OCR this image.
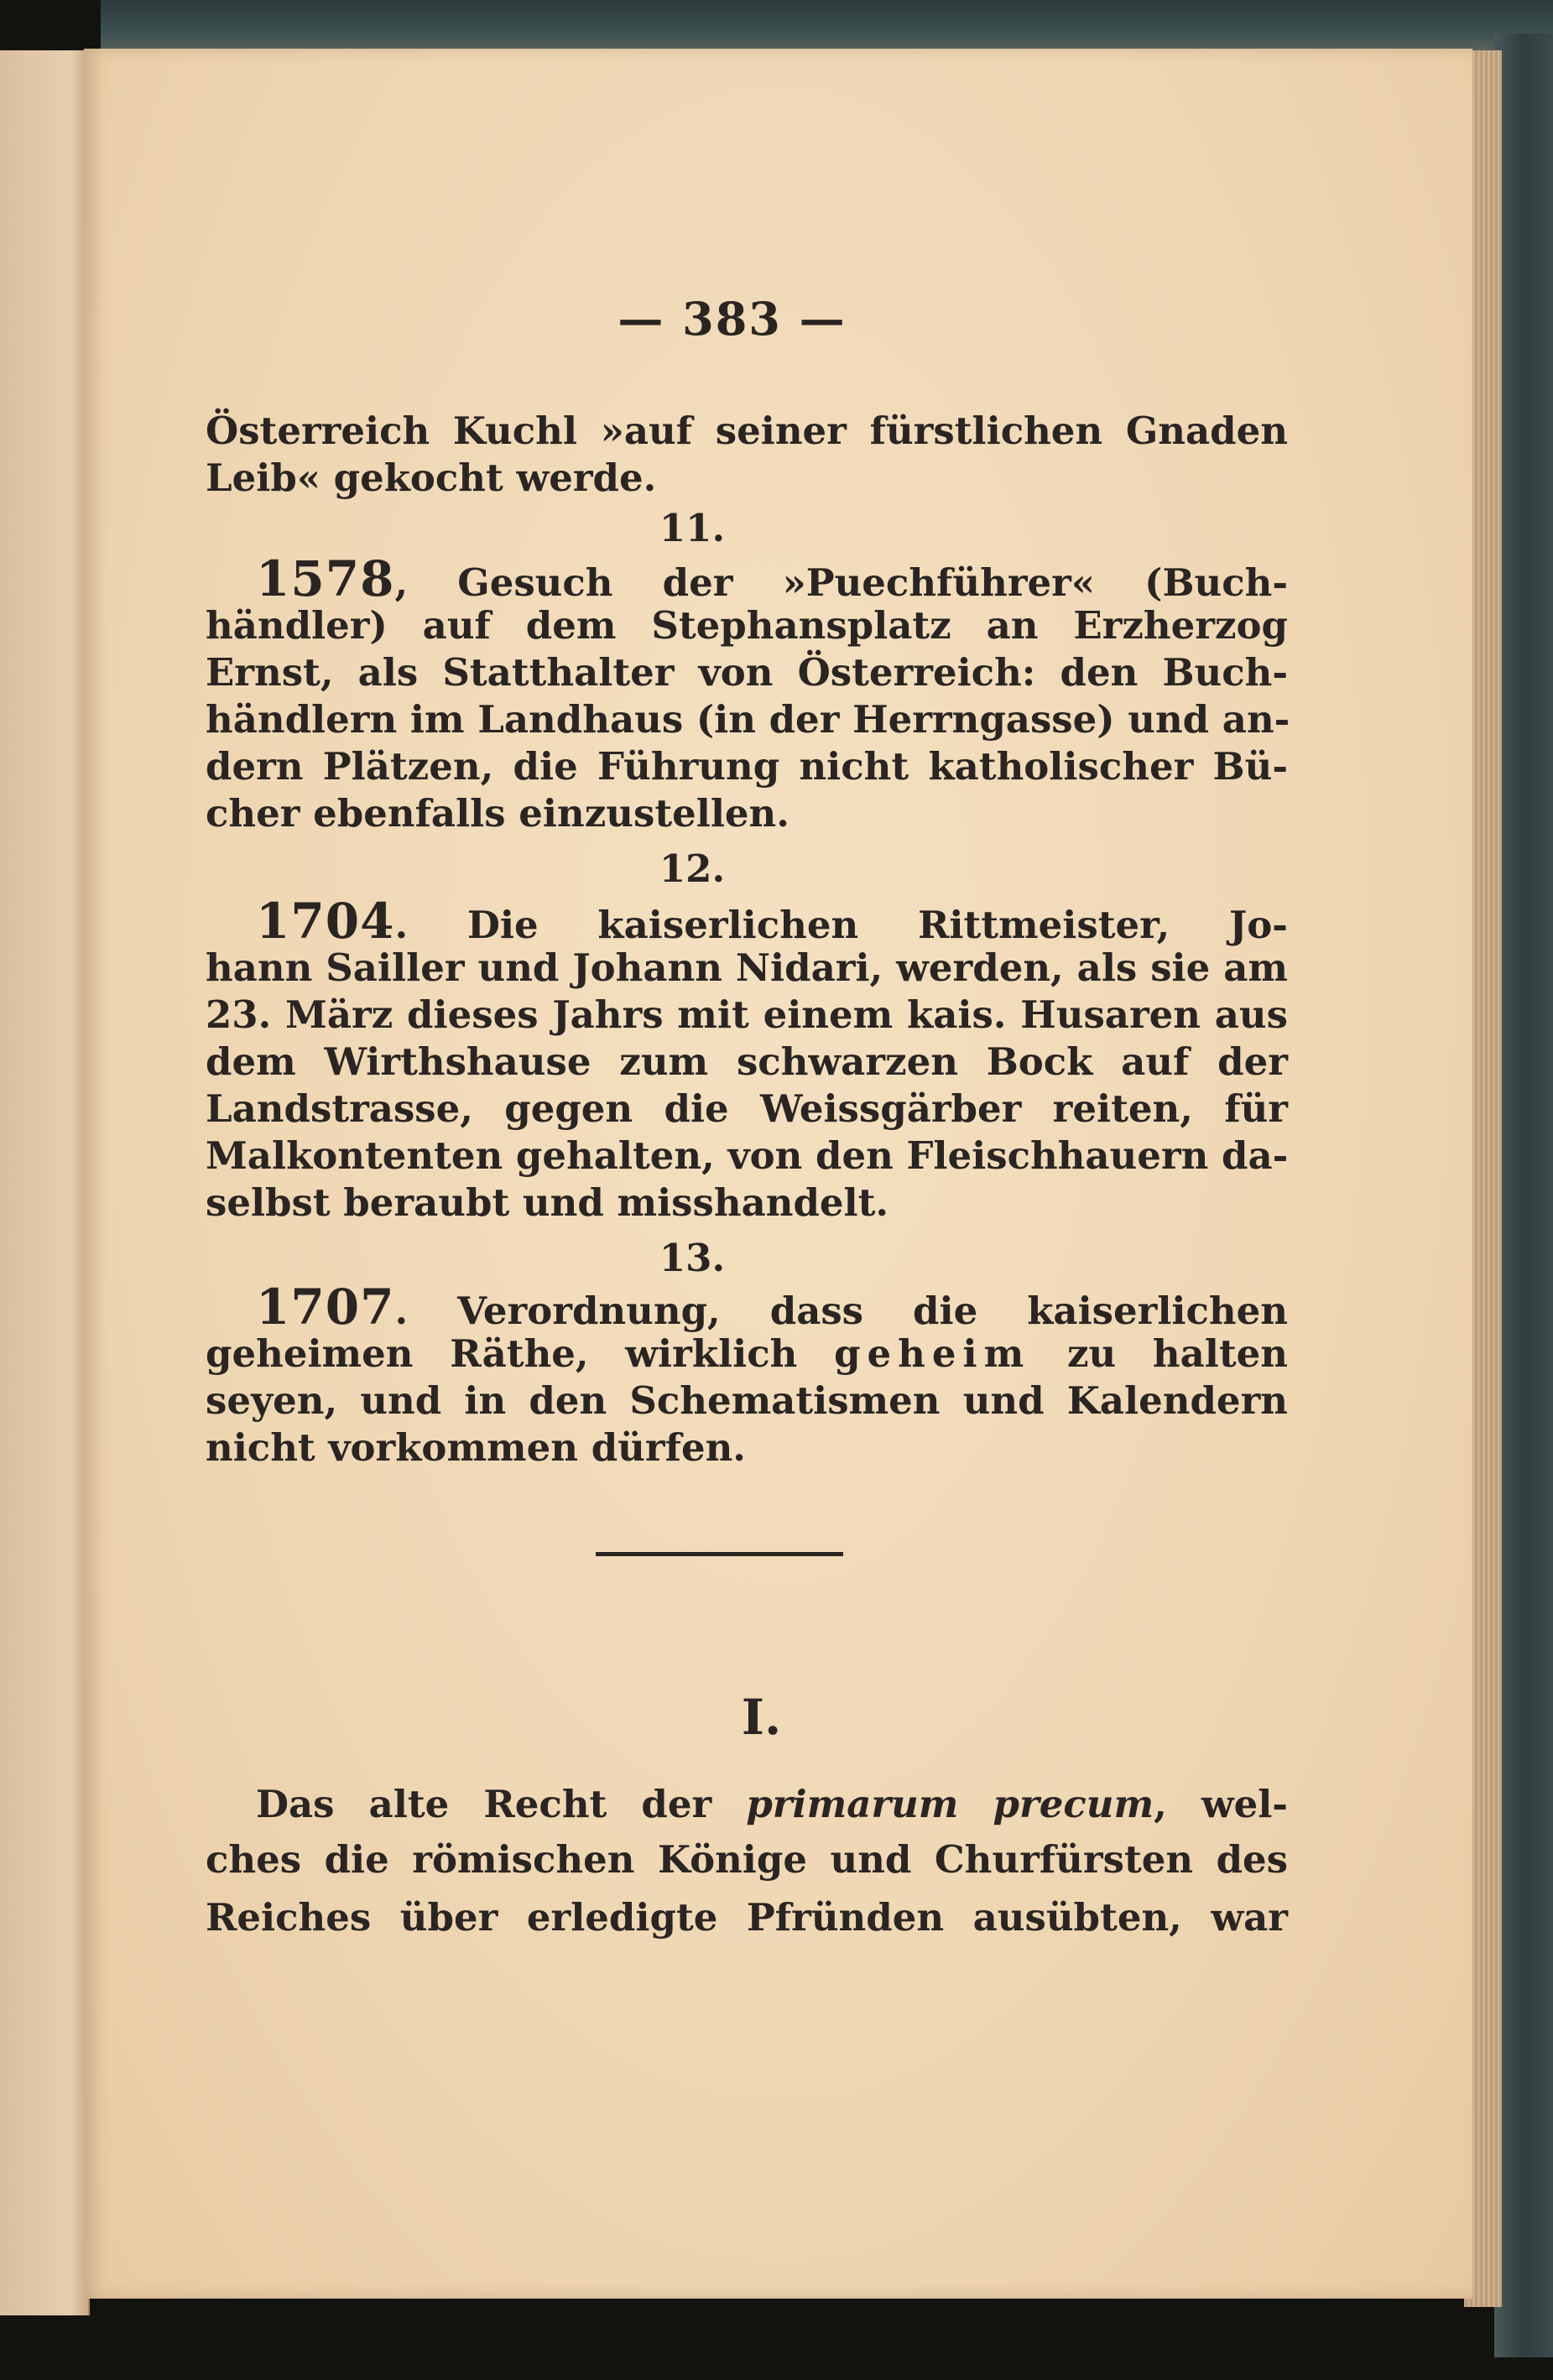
— 383 —
Österreich Kuchl »auf seiner fürstlichen Gnaden
Leib« gekocht werde.
11.
1578, Gesuch der »Puechführer« (Buch-
händler) auf dem Stephansplatz an Erzherzog
Ernst, als Statthalter von Österreich: den Buch-
händlern im Landhaus (in der Herrngasse) und an-
dern Plätzen, die Führung nicht katholischer Bü-
cher ebenfalls einzustellen.
12.
1704. Die kaiserlichen Rittmeister, Jo-
hann Sailler und Johann Nidari, werden, als sie am
23. März dieses Jahrs mit einem kais. Husaren aus
dem Wirthshause zum schwarzen Bock auf der
Landstrasse, gegen die Weissgärber reiten, für
Malkontenten gehalten, von den Fleischhauern da-
selbst beraubt und misshandelt.
13.
1707. Verordnung, dass die kaiserlichen
geheimen Räthe, wirklich geheim zu halten
seyen, und in den Schematismen und Kalendern
nicht vorkommen dürfen.
I.
Das alte Recht der primarum precum, wel-
ches die römischen Könige und Churfürsten des
Reiches über erledigte Pfründen ausübten, war
